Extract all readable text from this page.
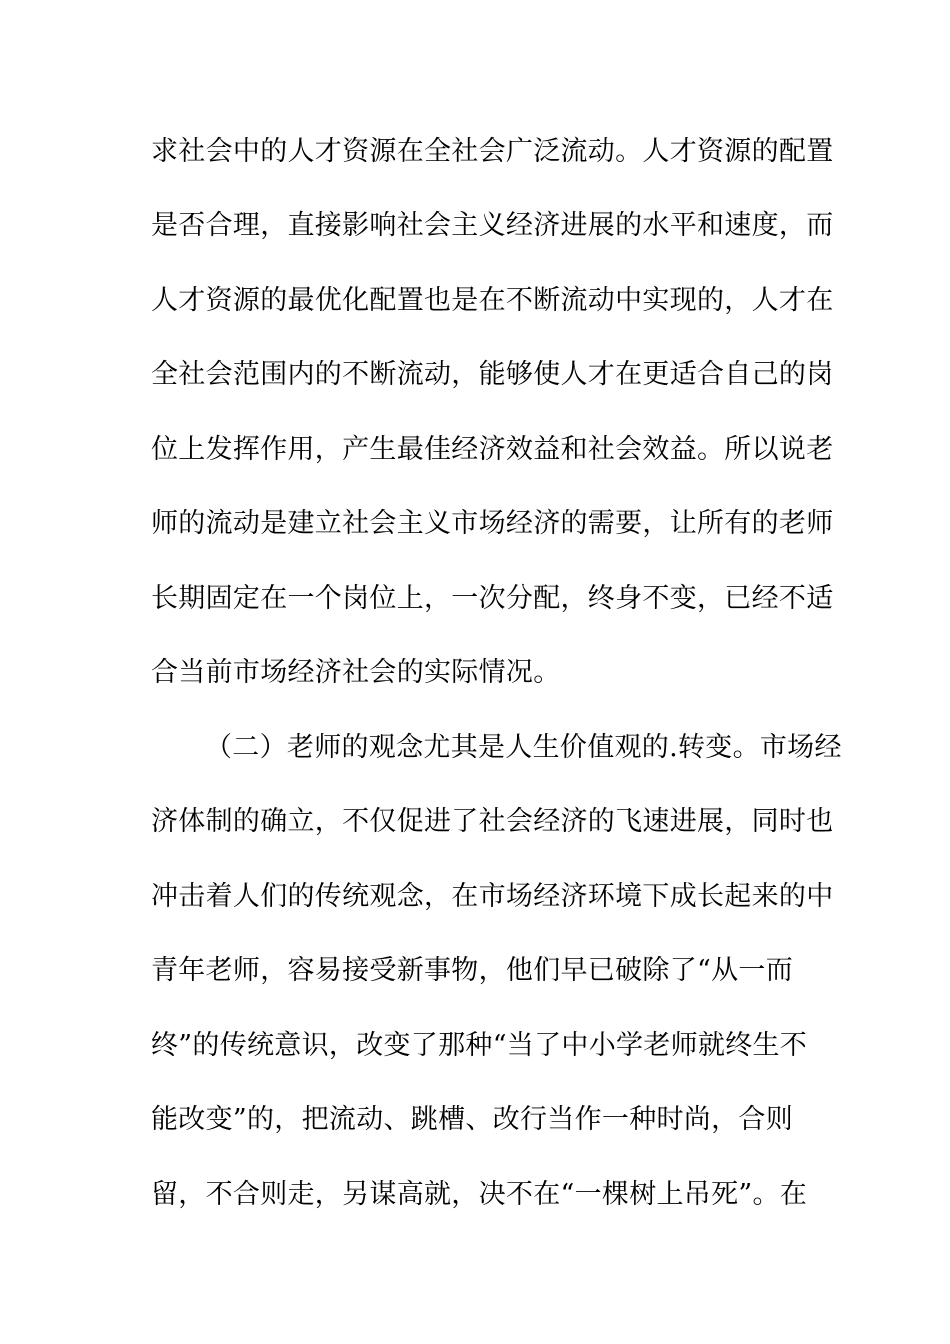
求社会中的人才资源在全社会广泛流动。人才资源的配置

是否合理，直接影响社会主义经济进展的水平和速度，而

人才资源的最优化配置也是在不断流动中实现的，人才在

全社会范围内的不断流动，能够使人才在更适合自己的岗

位上发挥作用，产生最佳经济效益和社会效益。所以说老

师的流动是建立社会主义市场经济的需要，让所有的老师

长期固定在一个岗位上，一次分配，终身不变，已经不适

合当前市场经济社会的实际情况。

（二）老师的观念尤其是人生价值观的.转变。市场经

济体制的确立，不仅促进了社会经济的飞速进展，同时也

冲击着人们的传统观念，在市场经济环境下成长起来的中

青年老师，容易接受新事物，他们早已破除了“从一而

终”的传统意识，改变了那种“当了中小学老师就终生不

能改变”的，把流动、跳槽、改行当作一种时尚，合则

留，不合则走，另谋高就，决不在“一棵树上吊死”。在
